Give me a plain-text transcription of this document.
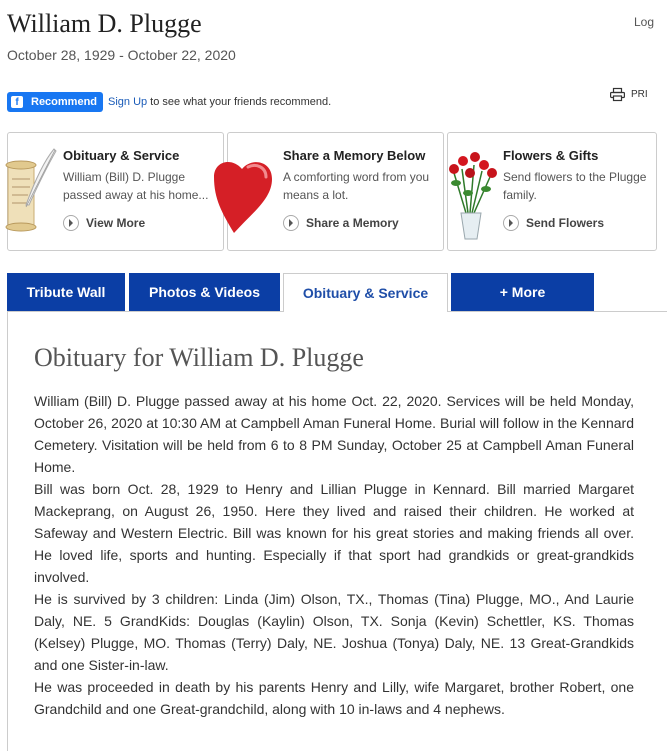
William D. Plugge
October 28, 1929 - October 22, 2020
Log
f	Recommend Sign Up to see what your friends recommend.
PRI
Obituary & Service
William (Bill) D. Plugge passed away at his home...
View More
Share a Memory Below
A comforting word from you means a lot.
Share a Memory
Flowers & Gifts
Send flowers to the Plugge family.
Send Flowers
Tribute Wall	Photos & Videos	Obituary & Service	+ More
Obituary for William D. Plugge

William (Bill) D. Plugge passed away at his home Oct. 22, 2020. Services will be held Monday, October 26, 2020 at 10:30 AM at Campbell Aman Funeral Home. Burial will follow in the Kennard Cemetery. Visitation will be held from 6 to 8 PM Sunday, October 25 at Campbell Aman Funeral Home.

Bill was born Oct. 28, 1929 to Henry and Lillian Plugge in Kennard. Bill married Margaret Mackeprang, on August 26, 1950. Here they lived and raised their children. He worked at Safeway and Western Electric. Bill was known for his great stories and making friends all over. He loved life, sports and hunting. Especially if that sport had grandkids or great-grandkids involved.

He is survived by 3 children: Linda (Jim) Olson, TX., Thomas (Tina) Plugge, MO., And Laurie Daly, NE. 5 GrandKids: Douglas (Kaylin) Olson, TX. Sonja (Kevin) Schettler, KS. Thomas (Kelsey) Plugge, MO. Thomas (Terry) Daly, NE. Joshua (Tonya) Daly, NE. 13 Great-Grandkids and one Sister-in-law.

He was proceeded in death by his parents Henry and Lilly, wife Margaret, brother Robert, one Grandchild and one Great-grandchild, along with 10 in-laws and 4 nephews.
